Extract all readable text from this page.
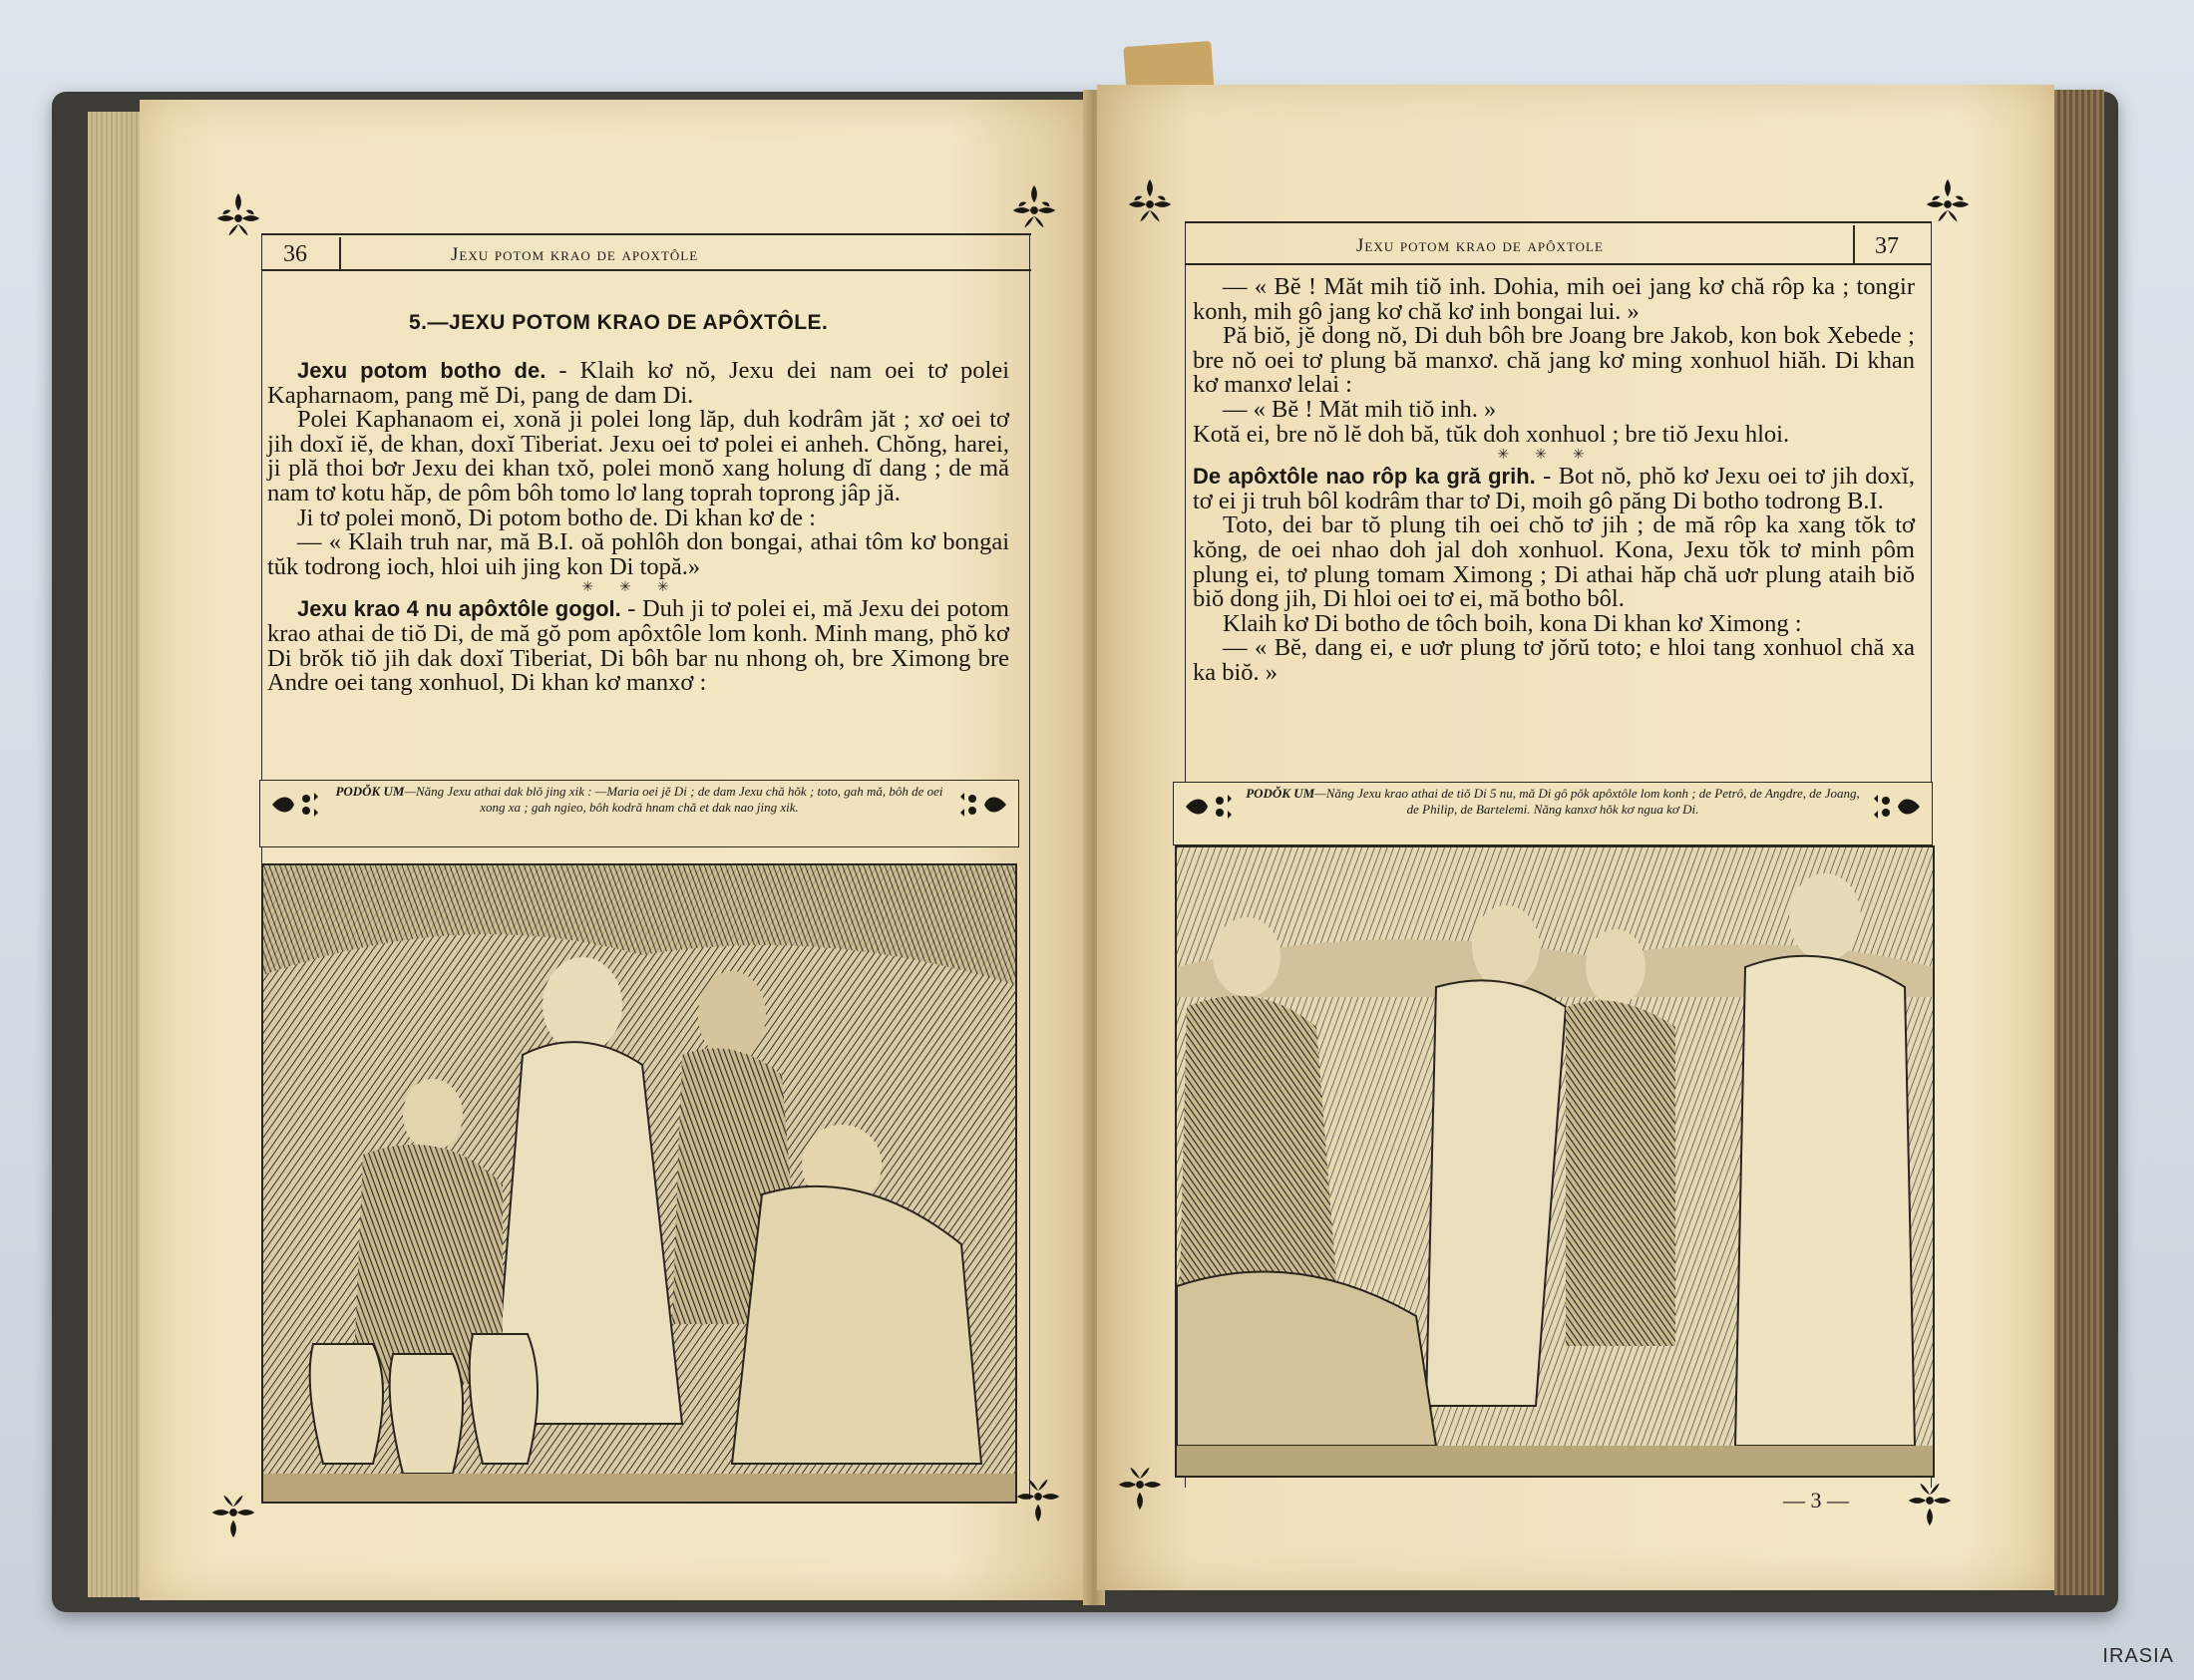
36	Jexu potom krao de apoxtôle
5.—JEXU POTOM KRAO DE APÔXTÔLE.

Jexu potom botho de. - Klaih kơ nŏ, Jexu dei nam oei tơ polei Kapharnaom, pang mĕ Di, pang de dam Di.

Polei Kaphanaom ei, xonă ji polei long lăp, duh kodrâm jăt ; xơ oei tơ jih doxĭ iĕ, de khan, doxĭ Tiberiat. Jexu oei tơ polei ei anheh. Chŏng, harei, ji plă thoi bơr Jexu dei khan txŏ, polei monŏ xang holung dĭ dang ; de mă nam tơ kotu hăp, de pôm bôh tomo lơ lang toprah toprong jâp jă.

Ji tơ polei monŏ, Di potom botho de. Di khan kơ de :

— « Klaih truh nar, mă B.I. oă pohlôh don bongai, athai tôm kơ bongai tŭk todrong ioch, hloi uih jing kon Di topă.»

✳✳✳

Jexu krao 4 nu apôxtôle gogol. - Duh ji tơ polei ei, mă Jexu dei potom krao athai de tiŏ Di, de mă gŏ pom apôxtôle lom konh. Minh mang, phŏ kơ Di brŏk tiŏ jih dak doxĭ Tiberiat, Di bôh bar nu nhong oh, bre Ximong bre Andre oei tang xonhuol, Di khan kơ manxơ :

PODŎK UM—Năng Jexu athai dak blŏ jing xik : —Maria oei jĕ Di ; de dam Jexu chă hŏk ; toto, gah mă, bôh de oei xong xa ; gah ngieo, bôh kodră hnam chă et dak nao jing xik.
Jexu potom krao de apôxtole	37

— « Bĕ ! Măt mih tiŏ inh. Dohia, mih oei jang kơ chă rôp ka ; tongir konh, mih gô jang kơ chă kơ inh bongai lui. »

Pă biŏ, jĕ dong nŏ, Di duh bôh bre Joang bre Jakob, kon bok Xebede ; bre nŏ oei tơ plung bă manxơ. chă jang kơ ming xonhuol hiăh. Di khan kơ manxơ lelai :

— « Bĕ ! Măt mih tiŏ inh. »

Kotă ei, bre nŏ lĕ doh bă, tŭk doh xonhuol ; bre tiŏ Jexu hloi.

✳✳✳

De apôxtôle nao rôp ka gră grih. - Bot nŏ, phŏ kơ Jexu oei tơ jih doxĭ, tơ ei ji truh bôl kodrâm thar tơ Di, moih gô păng Di botho todrong B.I.

Toto, dei bar tŏ plung tih oei chŏ tơ jih ; de mă rôp ka xang tŏk tơ kŏng, de oei nhao doh jal doh xonhuol. Kona, Jexu tŏk tơ minh pôm plung ei, tơ plung tomam Ximong ; Di athai hăp chă uơr plung ataih biŏ biŏ dong jih, Di hloi oei tơ ei, mă botho bôl.

Klaih kơ Di botho de tôch boih, kona Di khan kơ Ximong :

— « Bĕ, dang ei, e uơr plung tơ jŏrŭ toto; e hloi tang xonhuol chă xa ka biŏ. »

PODŎK UM—Năng Jexu krao athai de tiŏ Di 5 nu, mă Di gô pŏk apôxtôle lom konh ; de Petrô, de Angdre, de Joang, de Philip, de Bartelemi. Năng kanxơ hŏk kơ ngua kơ Di.
— 3 —
IRASIA
